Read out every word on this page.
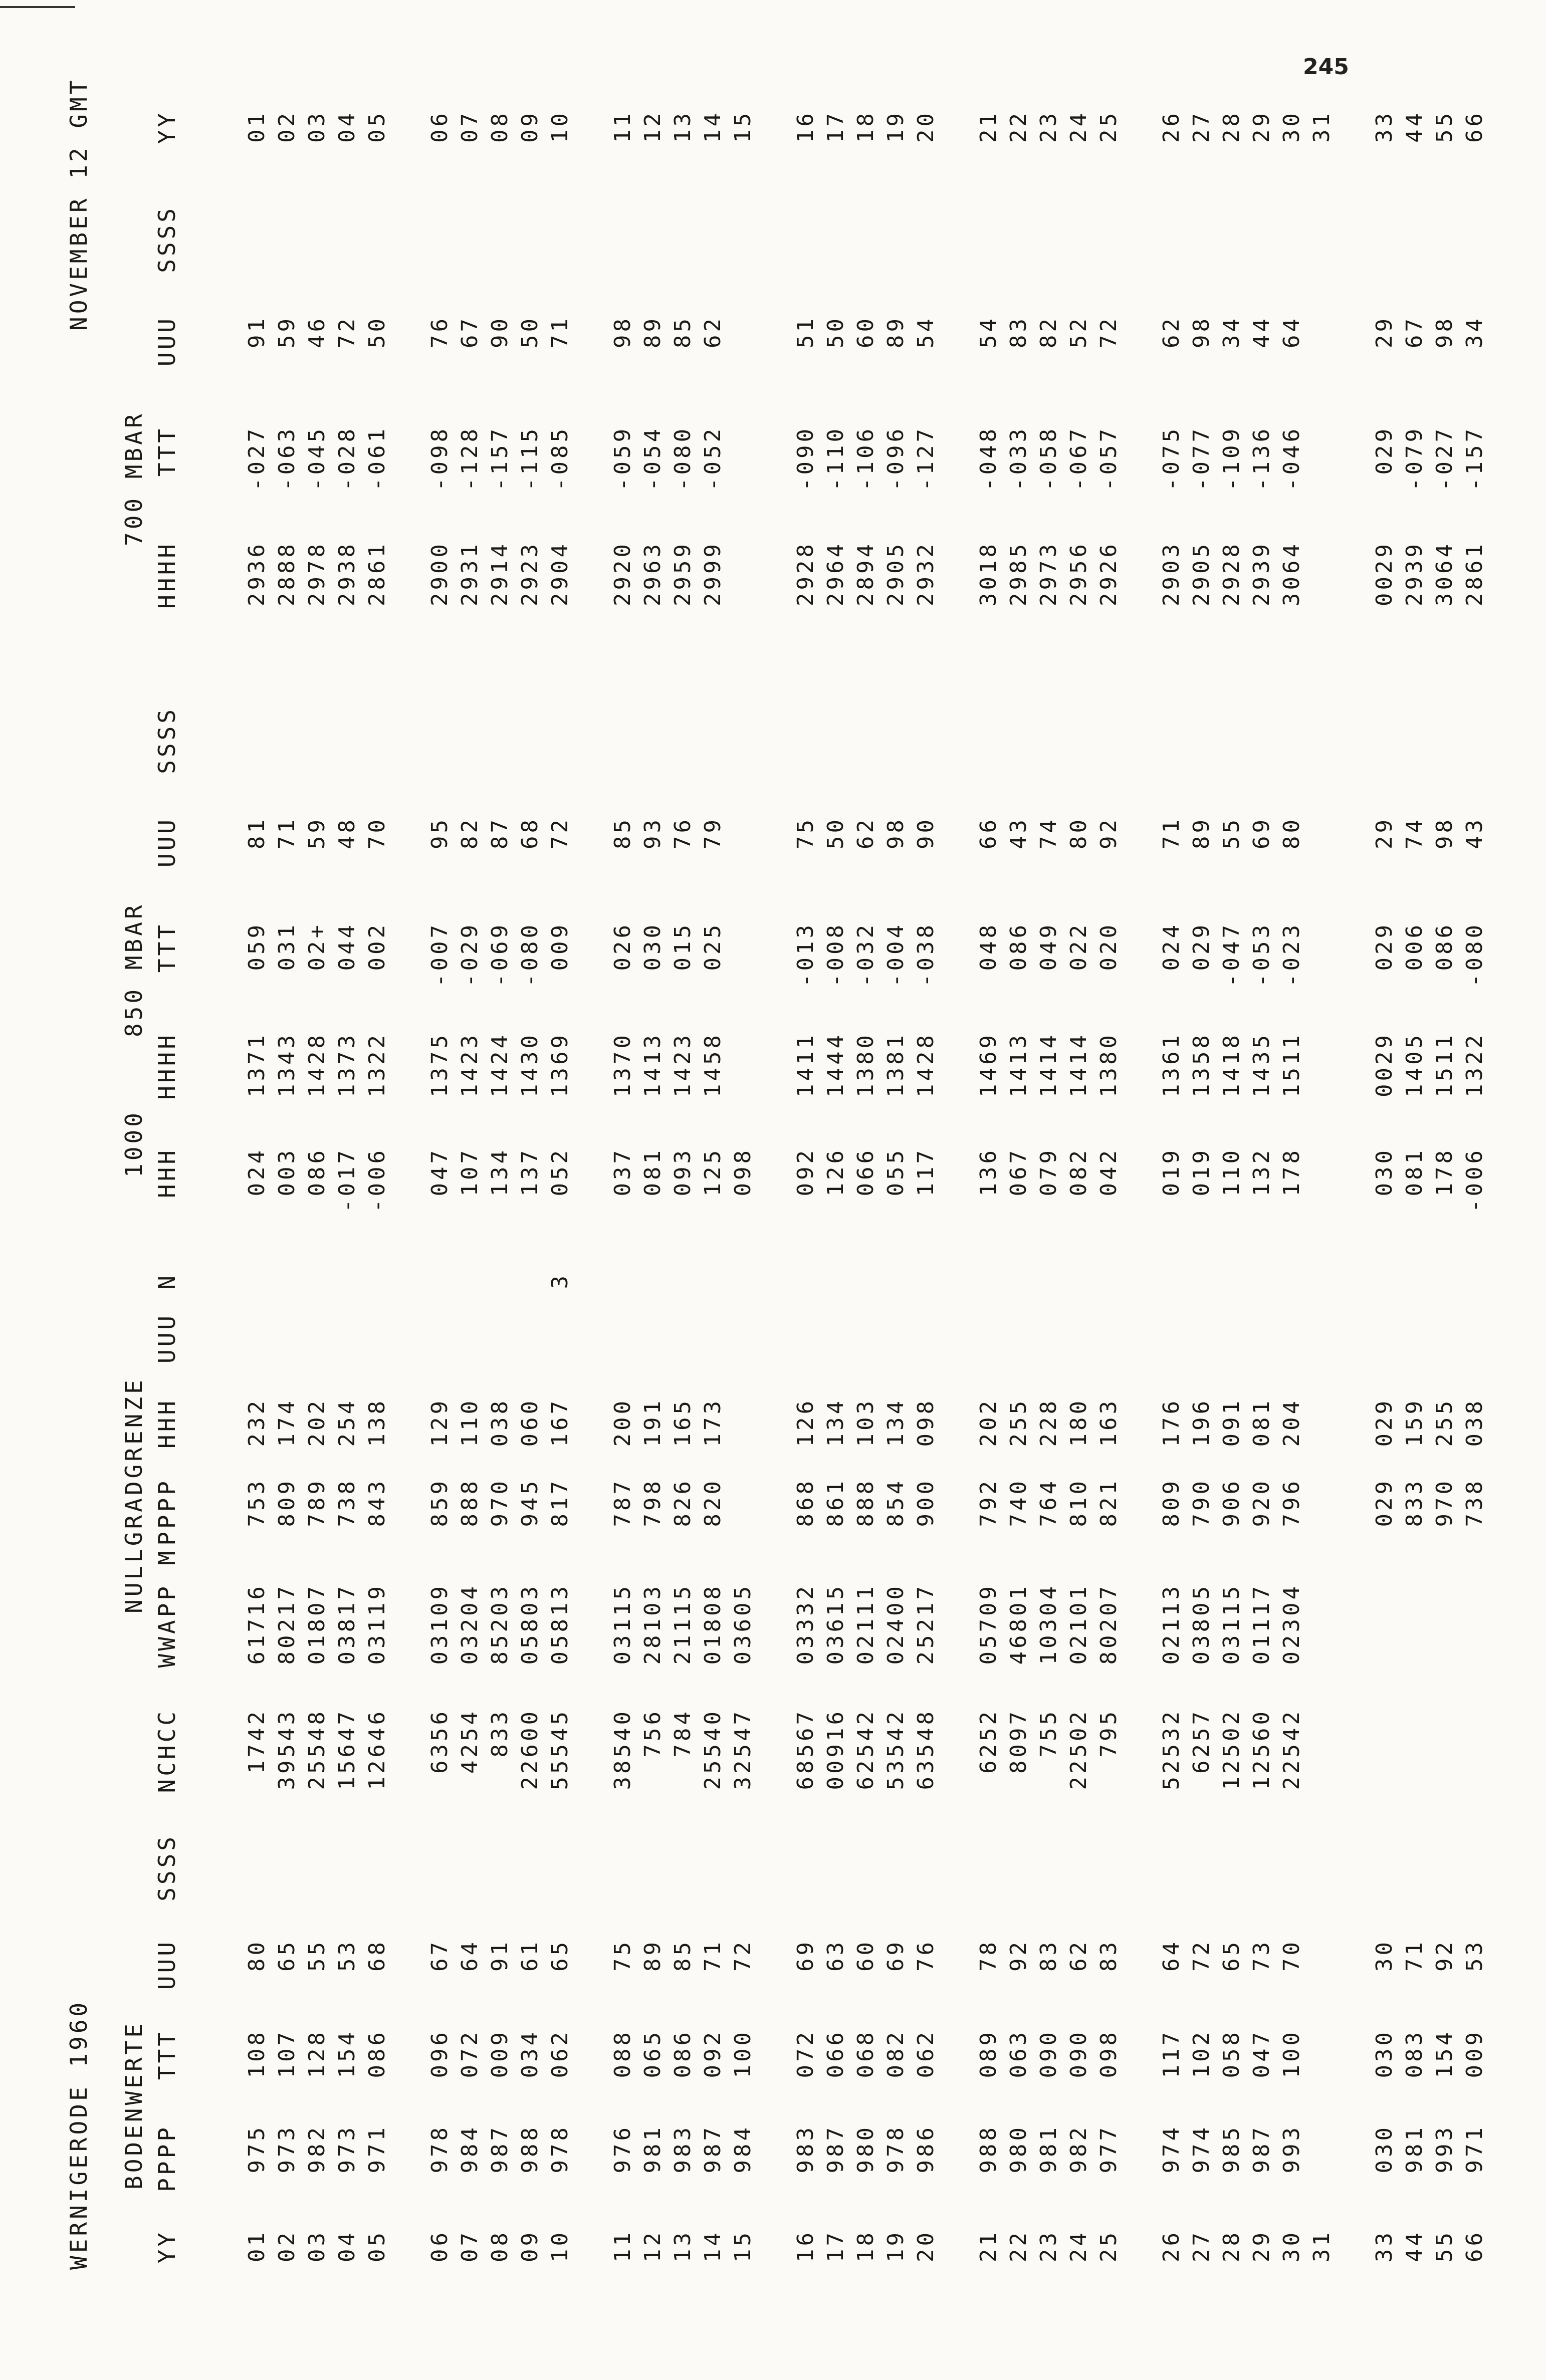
245
WERNIGERODE 1960
NOVEMBER 12 GMT
BODENWERTE
NULLGRADGRENZE
1000
850 MBAR
700 MBAR
YY
PPPP
TTT
UUU
SSSS
NCHCC
WWAPP
M
PPPP
HHH
UUU
N
HHH
HHHH
TTT
UUU
SSSS
HHHH
TTT
UUU
SSSS
YY
01
975
108
80
1742
61716
753
232
024
1371
059
81
2936
-027
91
01
02
973
107
65
39543
80217
809
174
003
1343
031
71
2888
-063
59
02
03
982
128
55
25548
01807
789
202
086
1428
02+
59
2978
-045
46
03
04
973
154
53
15647
03817
738
254
-017
1373
044
48
2938
-028
72
04
05
971
086
68
12646
03119
843
138
-006
1322
002
70
2861
-061
50
05
06
978
096
67
6356
03109
859
129
047
1375
-007
95
2900
-098
76
06
07
984
072
64
4254
03204
888
110
107
1423
-029
82
2931
-128
67
07
08
987
009
91
833
85203
970
038
134
1424
-069
87
2914
-157
90
08
09
988
034
61
22600
05803
945
060
137
1430
-080
68
2923
-115
50
09
10
978
062
65
55545
05813
817
167
3
052
1369
009
72
2904
-085
71
10
11
976
088
75
38540
03115
787
200
037
1370
026
85
2920
-059
98
11
12
981
065
89
756
28103
798
191
081
1413
030
93
2963
-054
89
12
13
983
086
85
784
21115
826
165
093
1423
015
76
2959
-080
85
13
14
987
092
71
25540
01808
820
173
125
1458
025
79
2999
-052
62
14
15
984
100
72
32547
03605
098
15
16
983
072
69
68567
03332
868
126
092
1411
-013
75
2928
-090
51
16
17
987
066
63
00916
03615
861
134
126
1444
-008
50
2964
-110
50
17
18
980
068
60
62542
02111
888
103
066
1380
-032
62
2894
-106
60
18
19
978
082
69
53542
02400
854
134
055
1381
-004
98
2905
-096
89
19
20
986
062
76
63548
25217
900
098
117
1428
-038
90
2932
-127
54
20
21
988
089
78
6252
05709
792
202
136
1469
048
66
3018
-048
54
21
22
980
063
92
8097
46801
740
255
067
1413
086
43
2985
-033
83
22
23
981
090
83
755
10304
764
228
079
1414
049
74
2973
-058
82
23
24
982
090
62
22502
02101
810
180
082
1414
022
80
2956
-067
52
24
25
977
098
83
795
80207
821
163
042
1380
020
92
2926
-057
72
25
26
974
117
64
52532
02113
809
176
019
1361
024
71
2903
-075
62
26
27
974
102
72
6257
03805
790
196
019
1358
029
89
2905
-077
98
27
28
985
058
65
12502
03115
906
091
110
1418
-047
55
2928
-109
34
28
29
987
047
73
12560
01117
920
081
132
1435
-053
69
2939
-136
44
29
30
993
100
70
22542
02304
796
204
178
1511
-023
80
3064
-046
64
30
31
31
33
030
030
30
029
029
030
0029
029
29
0029
029
29
33
44
981
083
71
833
159
081
1405
006
74
2939
-079
67
44
55
993
154
92
970
255
178
1511
086
98
3064
-027
98
55
66
971
009
53
738
038
-006
1322
-080
43
2861
-157
34
66
